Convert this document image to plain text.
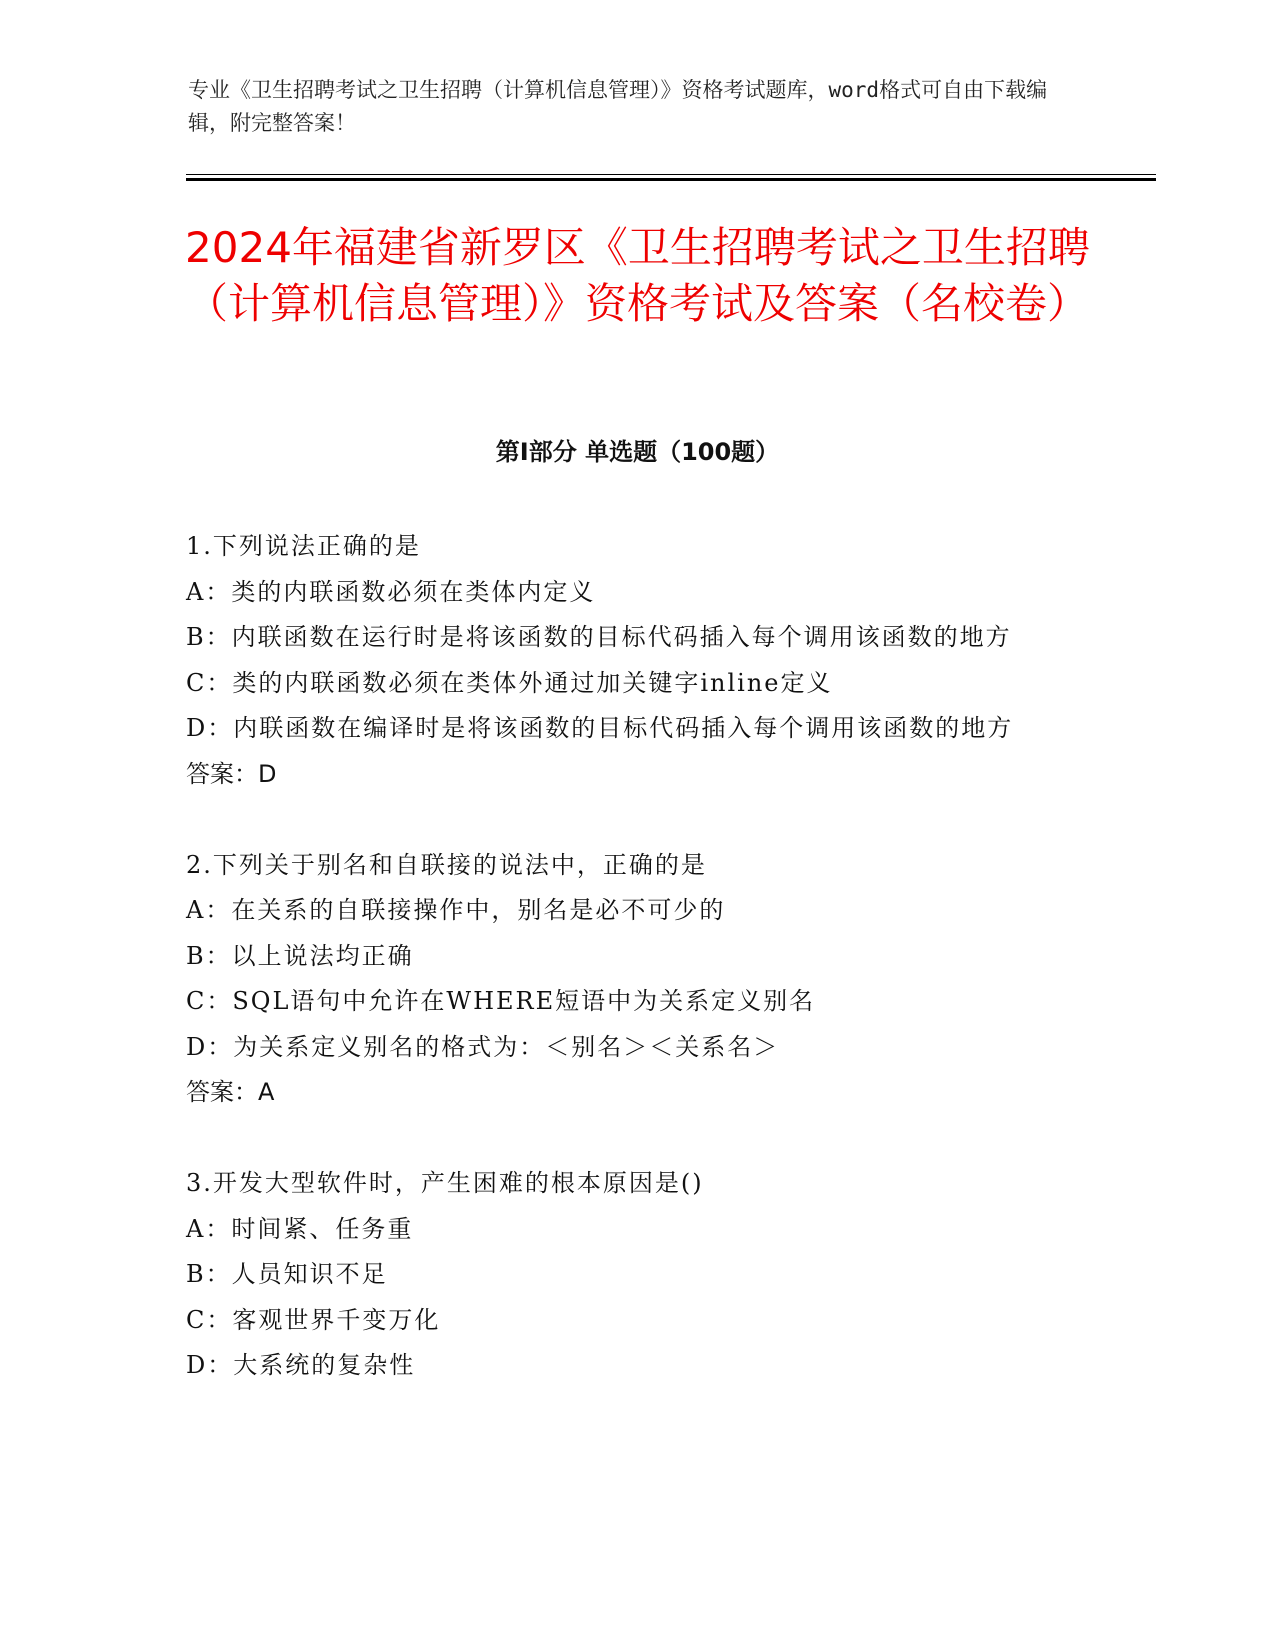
专业《卫生招聘考试之卫生招聘（计算机信息管理）》资格考试题库，word格式可自由下载编辑，附完整答案！
2024年福建省新罗区《卫生招聘考试之卫生招聘（计算机信息管理）》资格考试及答案（名校卷）
第I部分 单选题（100题）
1.下列说法正确的是
A：类的内联函数必须在类体内定义
B：内联函数在运行时是将该函数的目标代码插入每个调用该函数的地方
C：类的内联函数必须在类体外通过加关键字inline定义
D：内联函数在编译时是将该函数的目标代码插入每个调用该函数的地方
答案：D
2.下列关于别名和自联接的说法中，正确的是
A：在关系的自联接操作中，别名是必不可少的
B：以上说法均正确
C：SQL语句中允许在WHERE短语中为关系定义别名
D：为关系定义别名的格式为：＜别名＞＜关系名＞
答案：A
3.开发大型软件时，产生困难的根本原因是()
A：时间紧、任务重
B：人员知识不足
C：客观世界千变万化
D：大系统的复杂性
